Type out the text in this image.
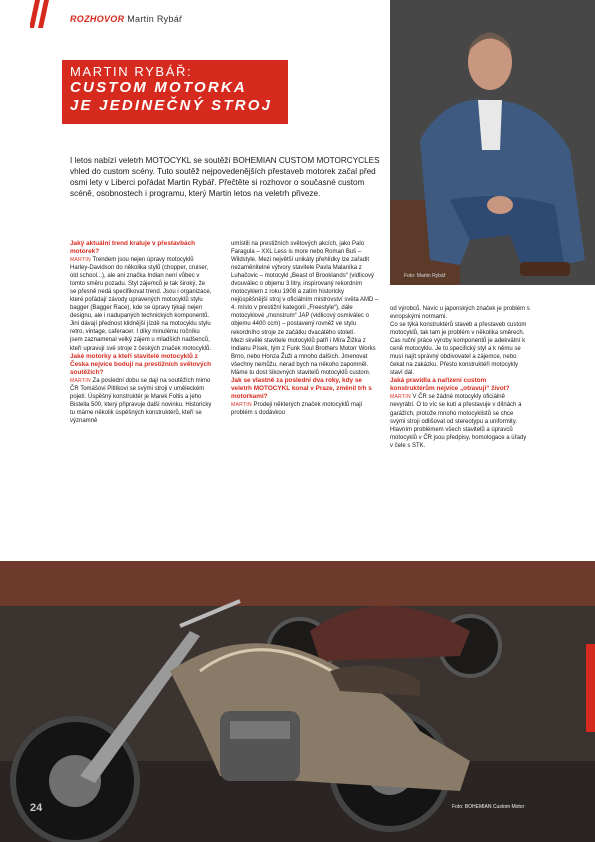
ROZHOVOR Martin Rybář
Foto: Martin Rybář
MARTIN RYBÁŘ:
CUSTOM MOTORKA
JE JEDINEČNÝ STROJ

I letos nabízí veletrh MOTOCYKL se soutěží BOHEMIAN CUSTOM MOTORCYCLES vhled do custom scény. Tuto soutěž nejpovedenějších přestaveb motorek začal před osmi lety v Liberci pořádat Martin Rybář. Přečtěte si rozhovor o současné custom scéně, osobnostech i programu, který Martin letos na veletrh přiveze.

Jaký aktuální trend kraluje v přestavbách motorek?

MARTIN Trendem jsou nejen úpravy motocyklů Harley-Davidson do několika stylů (chopper, cruiser, old school...), ale ani značka Indian není vůbec v tomto směru pozadu. Styl zájemců je tak široký, že se přesně nedá specifikovat trend. Jsou i organizace, které pořádají závody upravených motocyklů stylu bagger (Bagger Race), kde se úpravy týkají nejen designu, ale i nadupaných technických komponentů. Jiní dávají přednost klidnější jízdě na motocyklu stylu retro, vintage, caferacer. I díky minulému ročníku jsem zaznamenal velký zájem u mladších nadšenců, kteří upravují své stroje z českých značek motocyklů.

Jaké motorky a kteří stavitelé motocyklů z Česka nejvíce bodují na prestižních světových soutěžích?

MARTIN Za poslední dobu se dají na soutěžích mimo ČR Tomášovi Pitlíkovi se svými stroji v uměleckém pojetí. Úspěšný konstruktér je Marek Foltis a jeho Bistella 500, který připravuje další novinku. Historicky tu máme několik úspěšných konstruktérů, kteří se významně

umístili na prestižních světových akcích, jako Palo Faragula – XXL Less is more nebo Roman Buš – Wildstyle. Mezi největší unikáty přehlídky lze zařadit nezaměnitelné výtvory stavitele Pavla Malaníka z Luhačovic – motocykl „Beast of Brooklands“ (vidlicový dvouválec o objemu 3 litry, inspirovaný rekordním motocyklem z roku 1908 a zatím historicky nejúspěšnější stroj v oficiálním mistrovství světa AMD – 4. místo v prestižní kategorii „Freestyle“), dále motocyklové „monstrum“ JAP (vidlicový osmiválec o objemu 4400 ccm) – postavený rovněž ve stylu rekordního stroje ze začátku dvacátého století.

Mezi skvělé stavitele motocyklů patří i Míra Žižka z Indianu Písek, tým z Funk Soul Brothers Motorr Works Brno, nebo Honza Žuži a mnoho dalších. Jmenovat všechny nemůžu, nerad bych na někoho zapomněl. Máme tu dost šikovných stavitelů motocyklů custom.

Jak se vlastně za poslední dva roky, kdy se veletrh MOTOCYKL konal v Praze, změnil trh s motorkami?

MARTIN Prodeji některých značek motocyklů mají problém s dodávkou

od výrobců. Navíc u japonských značek je problém s evropskými normami.

Co se týká konstruktérů staveb a přestaveb custom motocyklů, tak tam je problém v několika směrech. Cas ruční práce výroby komponentů je adekvátní k ceně motocyklu. Je to specifický styl a k němu se musí najít správný obdivovatel a zájemce, nebo čekat na zakázku. Přesto konstruktéři motocykly staví dál.

Jaká pravidla a nařízení custom konstruktérům nejvíce „otravují“ život?

MARTIN V ČR se žádné motocykly oficiálně nevyrábí. O to víc se kutí a přestavuje v dílnách a garážích, protože mnoho motocyklistů se chce svými stroji odlišovat od stereotypu a uniformity. Hlavním problémem všech stavitelů a úpravců motocyklů v ČR jsou předpisy, homologace a úřady v čele s STK.

Foto: BOHEMIAN Custom Motor
24
